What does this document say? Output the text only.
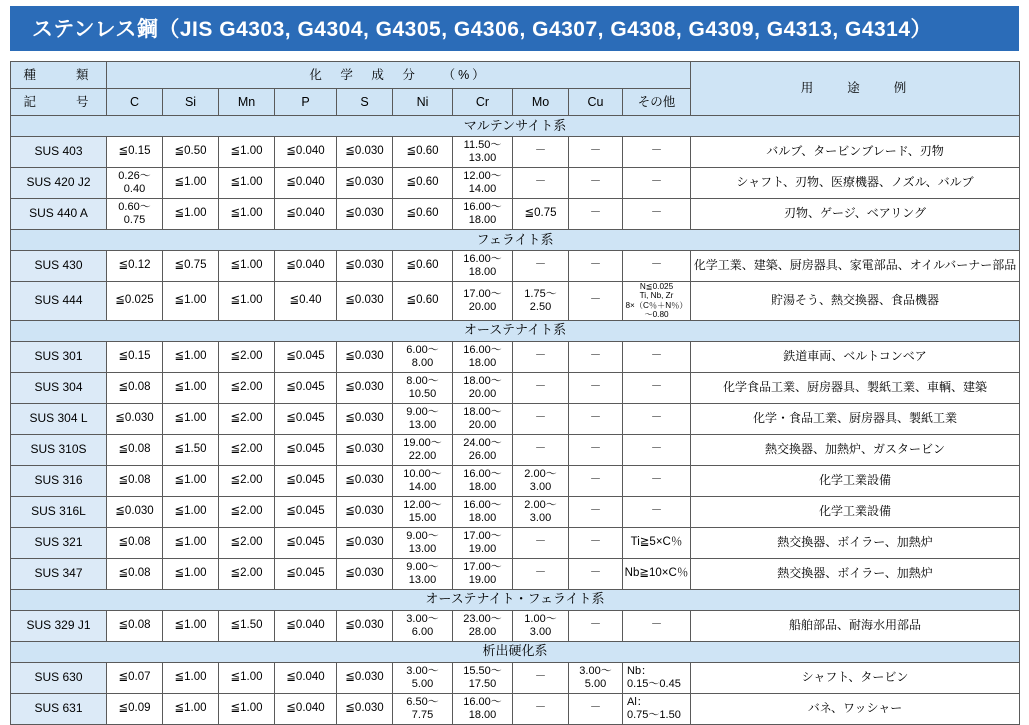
ステンレス鋼（JIS G4303, G4304, G4305, G4306, G4307, G4308, G4309, G4313, G4314）
種　　類	化　学　成　分　　（%）										用　　途　　例
記　　号	C	Si	Mn	P	S	Ni	Cr	Mo	Cu	その他	
マルテンサイト系											
SUS 403	≦0.15	≦0.50	≦1.00	≦0.040	≦0.030	≦0.60	11.50～
13.00	－	－	－	バルブ、タービンブレード、刃物
SUS 420 J2	0.26～
0.40	≦1.00	≦1.00	≦0.040	≦0.030	≦0.60	12.00～
14.00	－	－	－	シャフト、刃物、医療機器、ノズル、バルブ
SUS 440 A	0.60～
0.75	≦1.00	≦1.00	≦0.040	≦0.030	≦0.60	16.00～
18.00	≦0.75	－	－	刃物、ゲージ、ベアリング
フェライト系											
SUS 430	≦0.12	≦0.75	≦1.00	≦0.040	≦0.030	≦0.60	16.00～
18.00	－	－	－	化学工業、建築、厨房器具、家電部品、オイルバーナー部品
SUS 444	≦0.025	≦1.00	≦1.00	≦0.40	≦0.030	≦0.60	17.00～
20.00	1.75～
2.50	－	N≦0.025
Ti, Nb, Zr
8×（C％＋N％）～0.80	貯湯そう、熱交換器、食品機器
オーステナイト系											
SUS 301	≦0.15	≦1.00	≦2.00	≦0.045	≦0.030	6.00～
8.00	16.00～
18.00	－	－	－	鉄道車両、ベルトコンベア
SUS 304	≦0.08	≦1.00	≦2.00	≦0.045	≦0.030	8.00～
10.50	18.00～
20.00	－	－	－	化学食品工業、厨房器具、製紙工業、車輌、建築
SUS 304 L	≦0.030	≦1.00	≦2.00	≦0.045	≦0.030	9.00～
13.00	18.00～
20.00	－	－	－	化学・食品工業、厨房器具、製紙工業
SUS 310S	≦0.08	≦1.50	≦2.00	≦0.045	≦0.030	19.00～
22.00	24.00～
26.00	－	－	－	熱交換器、加熱炉、ガスタービン
SUS 316	≦0.08	≦1.00	≦2.00	≦0.045	≦0.030	10.00～
14.00	16.00～
18.00	2.00～
3.00	－	－	化学工業設備
SUS 316L	≦0.030	≦1.00	≦2.00	≦0.045	≦0.030	12.00～
15.00	16.00～
18.00	2.00～
3.00	－	－	化学工業設備
SUS 321	≦0.08	≦1.00	≦2.00	≦0.045	≦0.030	9.00～
13.00	17.00～
19.00	－	－	Ti≧5×C％	熱交換器、ボイラー、加熱炉
SUS 347	≦0.08	≦1.00	≦2.00	≦0.045	≦0.030	9.00～
13.00	17.00～
19.00	－	－	Nb≧10×C％	熱交換器、ボイラー、加熱炉
オーステナイト・フェライト系											
SUS 329 J1	≦0.08	≦1.00	≦1.50	≦0.040	≦0.030	3.00～
6.00	23.00～
28.00	1.00～
3.00	－	－	船舶部品、耐海水用部品
析出硬化系											
SUS 630	≦0.07	≦1.00	≦1.00	≦0.040	≦0.030	3.00～
5.00	15.50～
17.50	－	3.00～
5.00	Nb：
0.15～0.45	シャフト、タービン
SUS 631	≦0.09	≦1.00	≦1.00	≦0.040	≦0.030	6.50～
7.75	16.00～
18.00	－	－	Al：
0.75～1.50	バネ、ワッシャー
